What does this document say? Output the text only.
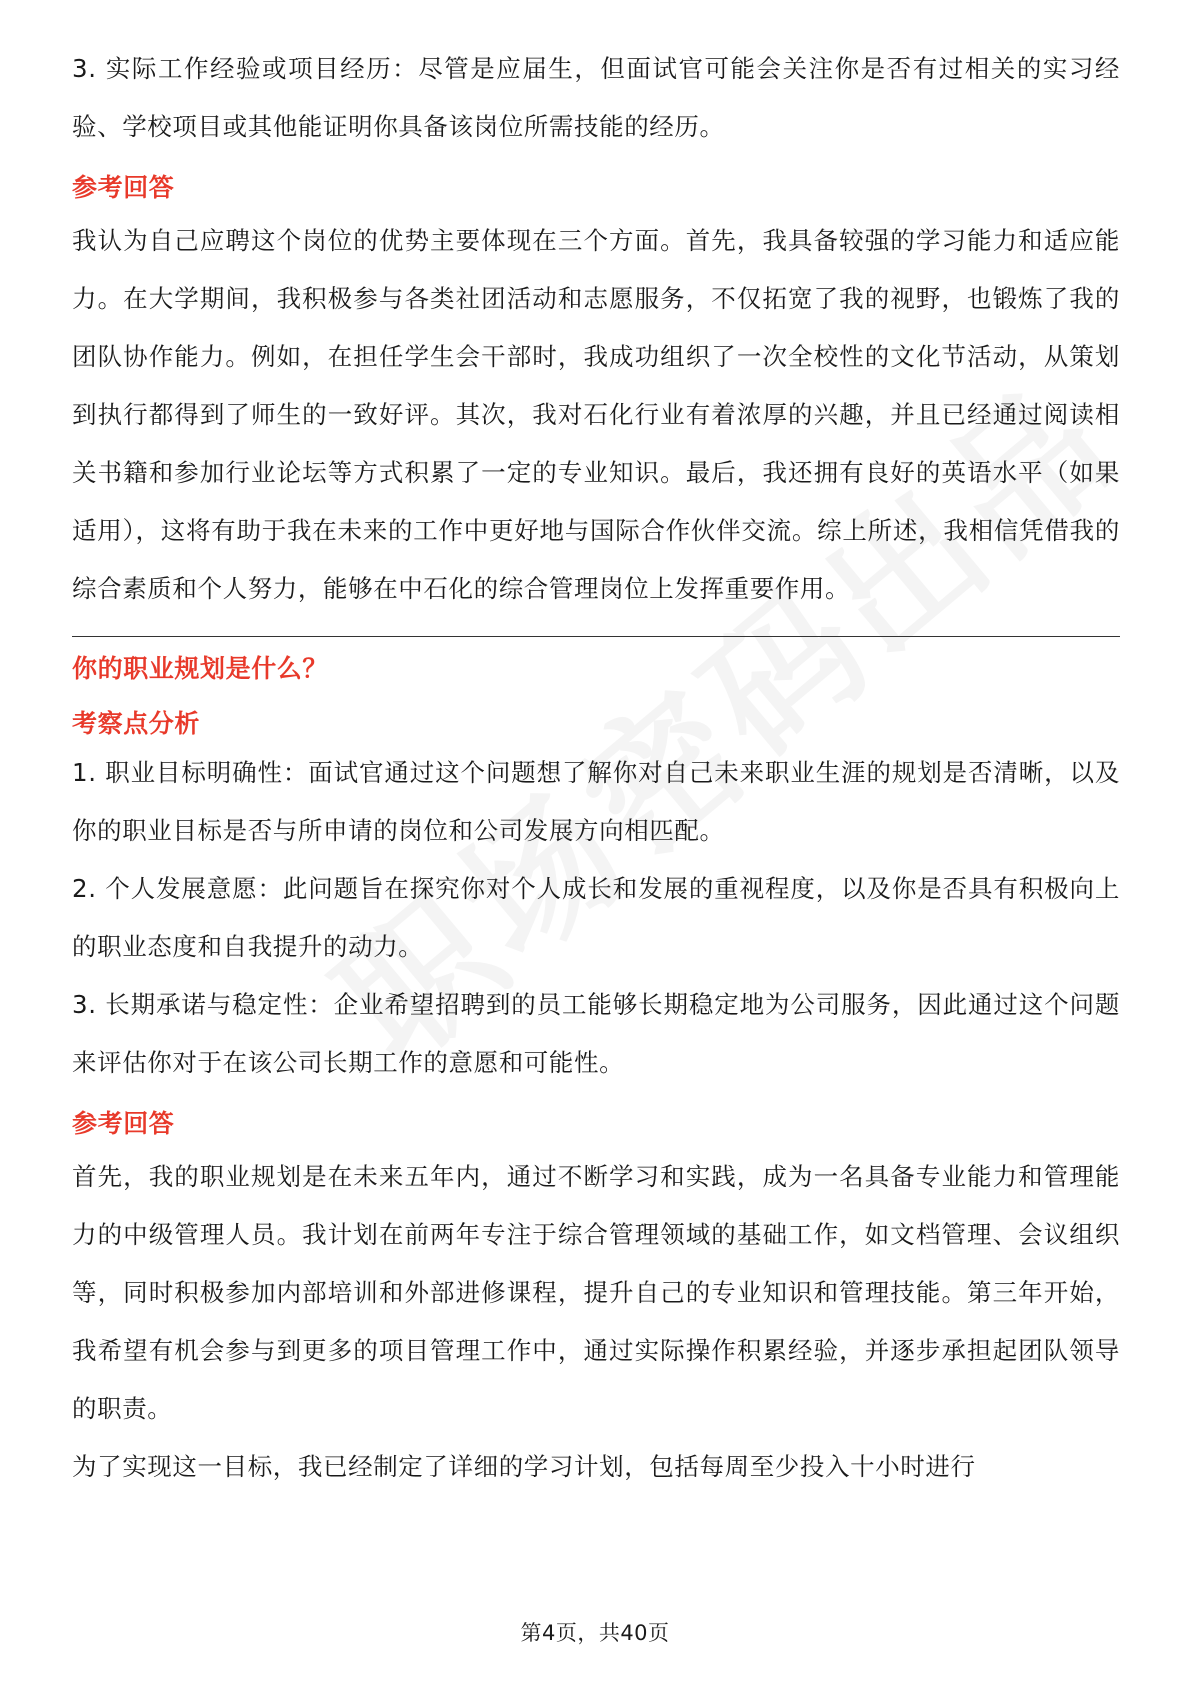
3. 实际工作经验或项目经历：尽管是应届生，但面试官可能会关注你是否有过相关的实习经验、学校项目或其他能证明你具备该岗位所需技能的经历。

参考回答

我认为自己应聘这个岗位的优势主要体现在三个方面。首先，我具备较强的学习能力和适应能力。在大学期间，我积极参与各类社团活动和志愿服务，不仅拓宽了我的视野，也锻炼了我的团队协作能力。例如，在担任学生会干部时，我成功组织了一次全校性的文化节活动，从策划到执行都得到了师生的一致好评。其次，我对石化行业有着浓厚的兴趣，并且已经通过阅读相关书籍和参加行业论坛等方式积累了一定的专业知识。最后，我还拥有良好的英语水平（如果适用），这将有助于我在未来的工作中更好地与国际合作伙伴交流。综上所述，我相信凭借我的综合素质和个人努力，能够在中石化的综合管理岗位上发挥重要作用。

你的职业规划是什么？

考察点分析

1. 职业目标明确性：面试官通过这个问题想了解你对自己未来职业生涯的规划是否清晰，以及你的职业目标是否与所申请的岗位和公司发展方向相匹配。

2. 个人发展意愿：此问题旨在探究你对个人成长和发展的重视程度，以及你是否具有积极向上的职业态度和自我提升的动力。

3. 长期承诺与稳定性：企业希望招聘到的员工能够长期稳定地为公司服务，因此通过这个问题来评估你对于在该公司长期工作的意愿和可能性。

参考回答

首先，我的职业规划是在未来五年内，通过不断学习和实践，成为一名具备专业能力和管理能力的中级管理人员。我计划在前两年专注于综合管理领域的基础工作，如文档管理、会议组织等，同时积极参加内部培训和外部进修课程，提升自己的专业知识和管理技能。第三年开始，我希望有机会参与到更多的项目管理工作中，通过实际操作积累经验，并逐步承担起团队领导的职责。

为了实现这一目标，我已经制定了详细的学习计划，包括每周至少投入十小时进行

第4页，共40页
